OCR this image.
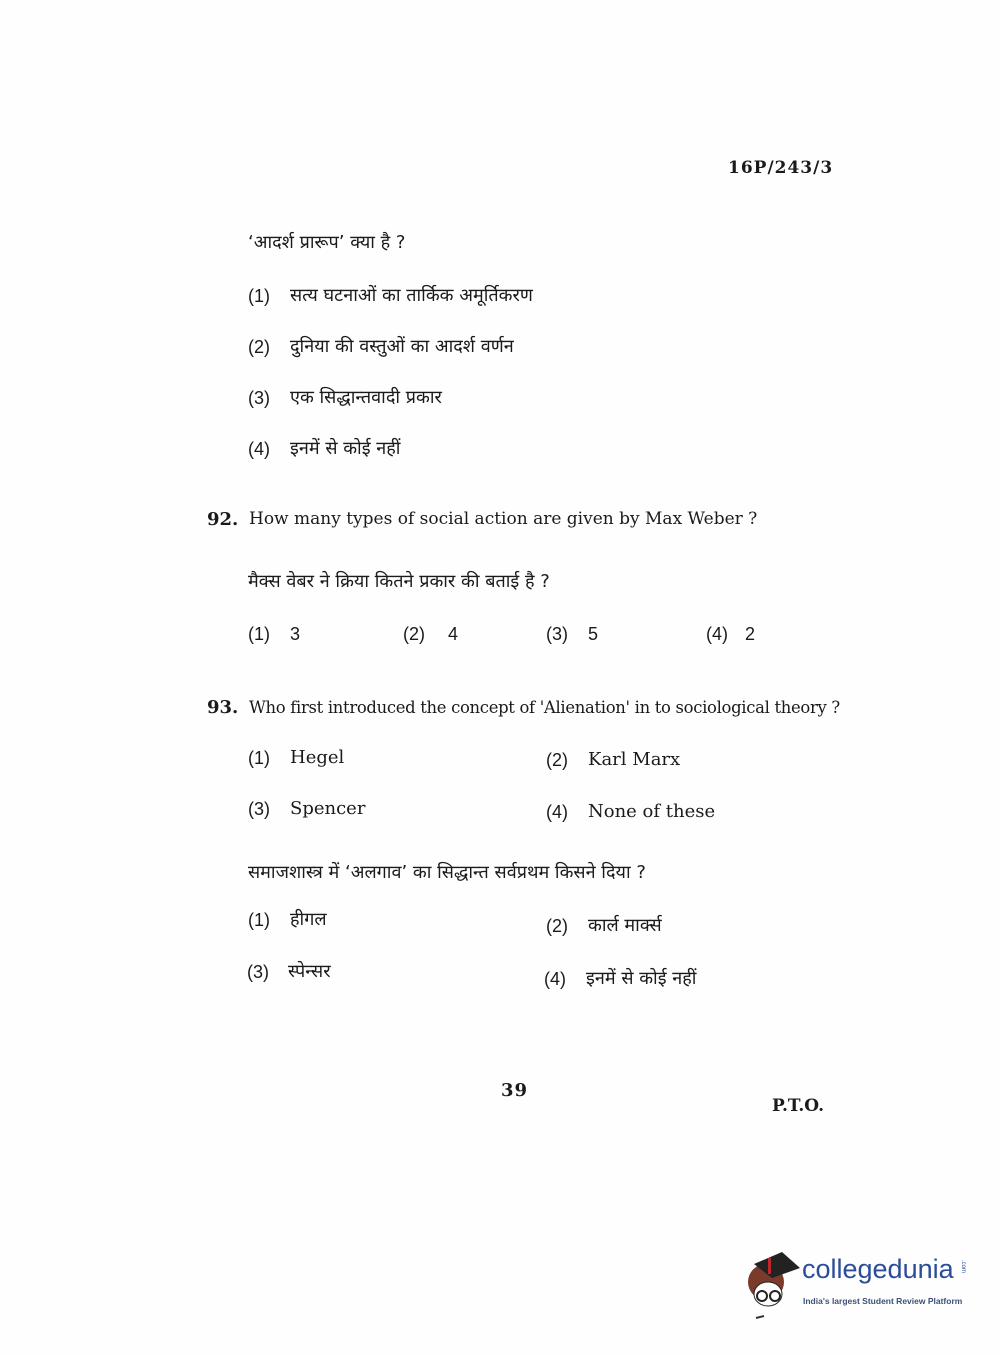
16P/243/3
‘आदर्श प्रारूप’ क्या है ?
(1) सत्य घटनाओं का तार्किक अमूर्तिकरण
(2) दुनिया की वस्तुओं का आदर्श वर्णन
(3) एक सिद्धान्तवादी प्रकार
(4) इनमें से कोई नहीं
92. How many types of social action are given by Max Weber ?
मैक्स वेबर ने क्रिया कितने प्रकार की बताई है ?
(1) 3	(2) 4	(3) 5	(4) 2
93. Who first introduced the concept of 'Alienation' in to sociological theory ?
(1) Hegel	(2) Karl Marx
(3) Spencer	(4) None of these
समाजशास्त्र में ‘अलगाव’ का सिद्धान्त सर्वप्रथम किसने दिया ?
(1) हीगल	(2) कार्ल मार्क्स
(3) स्पेन्सर	(4) इनमें से कोई नहीं
39
P.T.O.
collegedunia .com
India's largest Student Review Platform
